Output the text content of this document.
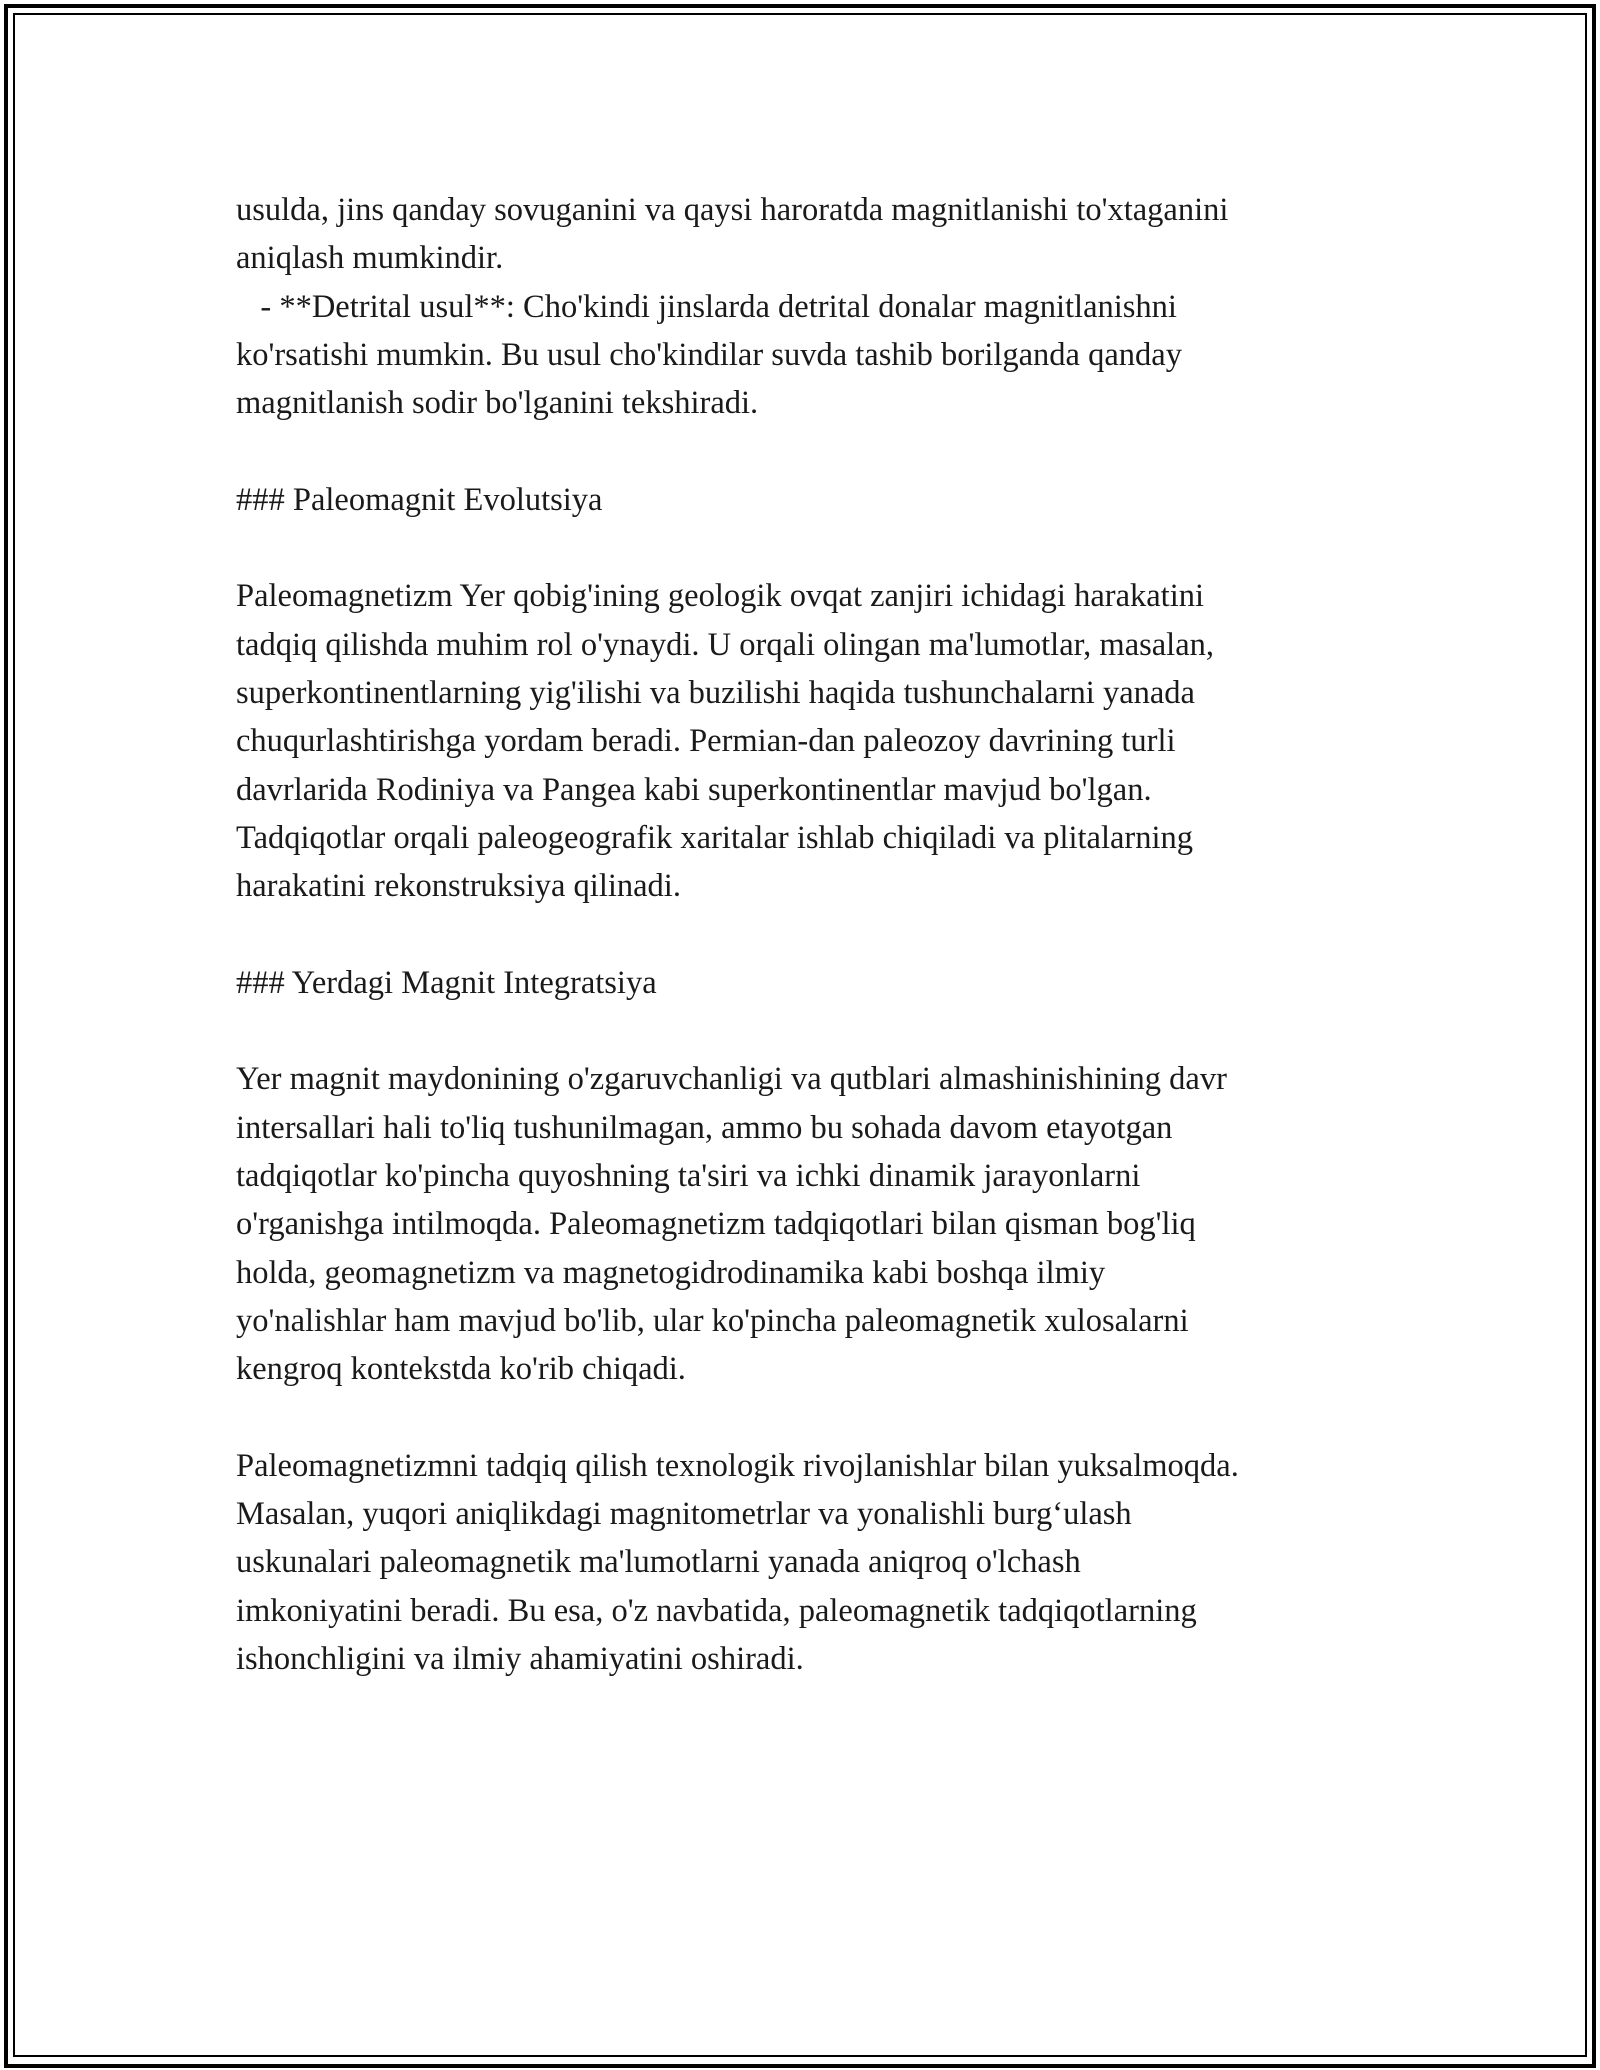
usulda, jins qanday sovuganini va qaysi haroratda magnitlanishi to'xtaganini
aniqlash mumkindir.
- **Detrital usul**: Cho'kindi jinslarda detrital donalar magnitlanishni
ko'rsatishi mumkin. Bu usul cho'kindilar suvda tashib borilganda qanday
magnitlanish sodir bo'lganini tekshiradi.
### Paleomagnit Evolutsiya
Paleomagnetizm Yer qobig'ining geologik ovqat zanjiri ichidagi harakatini
tadqiq qilishda muhim rol o'ynaydi. U orqali olingan ma'lumotlar, masalan,
superkontinentlarning yig'ilishi va buzilishi haqida tushunchalarni yanada
chuqurlashtirishga yordam beradi. Permian-dan paleozoy davrining turli
davrlarida Rodiniya va Pangea kabi superkontinentlar mavjud bo'lgan.
Tadqiqotlar orqali paleogeografik xaritalar ishlab chiqiladi va plitalarning
harakatini rekonstruksiya qilinadi.
### Yerdagi Magnit Integratsiya
Yer magnit maydonining o'zgaruvchanligi va qutblari almashinishining davr
intersallari hali to'liq tushunilmagan, ammo bu sohada davom etayotgan
tadqiqotlar ko'pincha quyoshning ta'siri va ichki dinamik jarayonlarni
o'rganishga intilmoqda. Paleomagnetizm tadqiqotlari bilan qisman bog'liq
holda, geomagnetizm va magnetogidrodinamika kabi boshqa ilmiy
yo'nalishlar ham mavjud bo'lib, ular ko'pincha paleomagnetik xulosalarni
kengroq kontekstda ko'rib chiqadi.
Paleomagnetizmni tadqiq qilish texnologik rivojlanishlar bilan yuksalmoqda.
Masalan, yuqori aniqlikdagi magnitometrlar va yonalishli burg‘ulash
uskunalari paleomagnetik ma'lumotlarni yanada aniqroq o'lchash
imkoniyatini beradi. Bu esa, o'z navbatida, paleomagnetik tadqiqotlarning
ishonchligini va ilmiy ahamiyatini oshiradi.
